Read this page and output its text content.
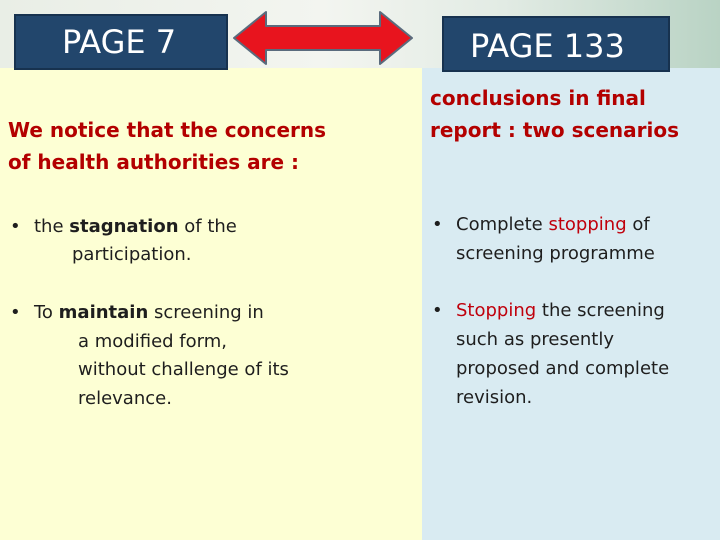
PAGE 7	PAGE 133
We notice that the concerns
of health authorities are :
conclusions in final
report : two scenarios
• the stagnation of the
participation.
• To maintain screening in
a modified form,
without challenge of its
relevance.
• Complete stopping of
screening programme
• Stopping the screening
such as presently
proposed and complete
revision.
